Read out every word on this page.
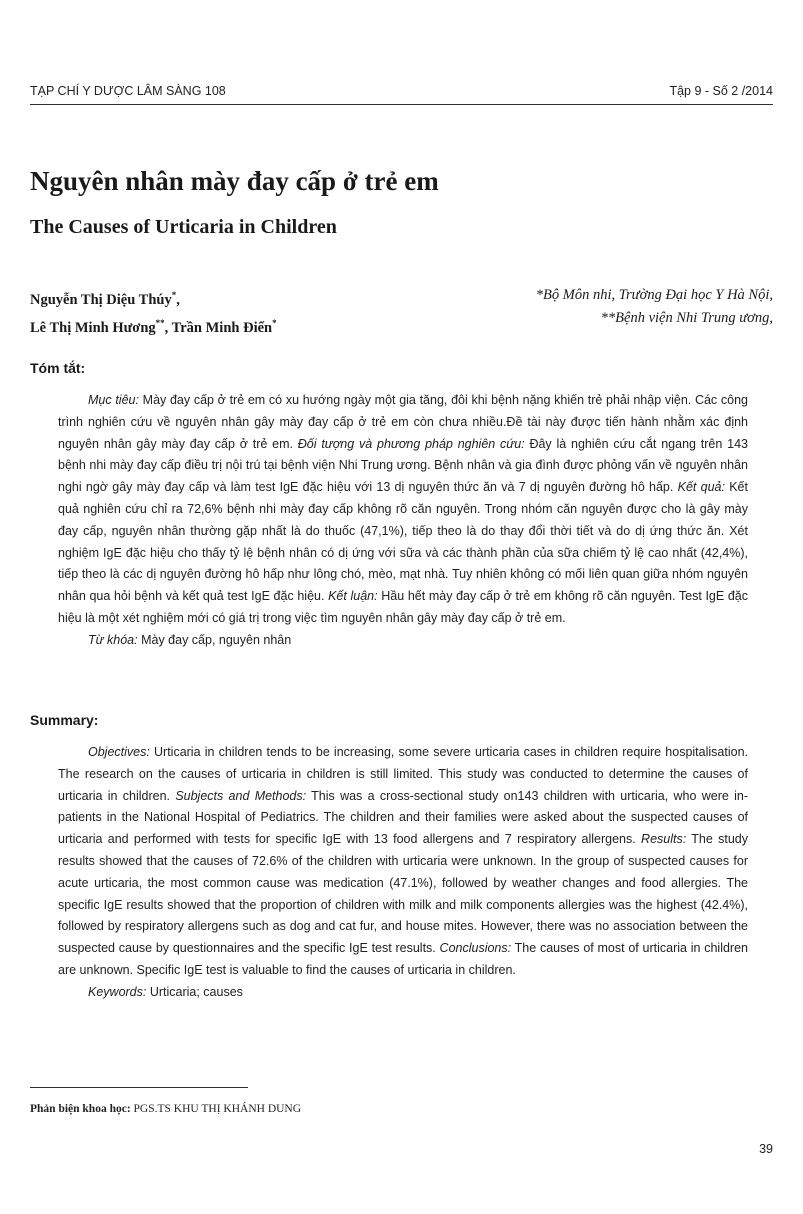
TẠP CHÍ Y DƯỢC LÂM SÀNG 108	Tập 9 - Số 2 /2014
Nguyên nhân mày đay cấp ở trẻ em
The Causes of Urticaria in Children
Nguyễn Thị Diệu Thúy*,
Lê Thị Minh Hương**, Trần Minh Điển*
*Bộ Môn nhi, Trường Đại học Y Hà Nội,
**Bệnh viện Nhi Trung ương,
Tóm tắt:

Mục tiêu: Mày đay cấp ở trẻ em có xu hướng ngày một gia tăng, đôi khi bệnh nặng khiến trẻ phải nhập viện. Các công trình nghiên cứu về nguyên nhân gây mày đay cấp ở trẻ em còn chưa nhiều.Đề tài này được tiến hành nhằm xác định nguyên nhân gây mày đay cấp ở trẻ em. Đối tượng và phương pháp nghiên cứu: Đây là nghiên cứu cắt ngang trên 143 bệnh nhi mày đay cấp điều trị nội trú tại bệnh viện Nhi Trung ương. Bệnh nhân và gia đình được phỏng vấn về nguyên nhân nghi ngờ gây mày đay cấp và làm test IgE đặc hiệu với 13 dị nguyên thức ăn và 7 dị nguyên đường hô hấp. Kết quả: Kết quả nghiên cứu chỉ ra 72,6% bệnh nhi mày đay cấp không rõ căn nguyên. Trong nhóm căn nguyên được cho là gây mày đay cấp, nguyên nhân thường gặp nhất là do thuốc (47,1%), tiếp theo là do thay đổi thời tiết và do dị ứng thức ăn. Xét nghiệm IgE đặc hiệu cho thấy tỷ lệ bệnh nhân có dị ứng với sữa và các thành phần của sữa chiếm tỷ lệ cao nhất (42,4%), tiếp theo là các dị nguyên đường hô hấp như lông chó, mèo, mạt nhà. Tuy nhiên không có mối liên quan giữa nhóm nguyên nhân qua hỏi bệnh và kết quả test IgE đặc hiệu. Kết luận: Hầu hết mày đay cấp ở trẻ em không rõ căn nguyên. Test IgE đặc hiệu là một xét nghiệm mới có giá trị trong việc tìm nguyên nhân gây mày đay cấp ở trẻ em.

Từ khóa: Mày đay cấp, nguyên nhân

Summary:

Objectives: Urticaria in children tends to be increasing, some severe urticaria cases in children require hospitalisation. The research on the causes of urticaria in children is still limited. This study was conducted to determine the causes of urticaria in children. Subjects and Methods: This was a cross-sectional study on143 children with urticaria, who were in-patients in the National Hospital of Pediatrics. The children and their families were asked about the suspected causes of urticaria and performed with tests for specific IgE with 13 food allergens and 7 respiratory allergens. Results: The study results showed that the causes of 72.6% of the children with urticaria were unknown. In the group of suspected causes for acute urticaria, the most common cause was medication (47.1%), followed by weather changes and food allergies. The specific IgE results showed that the proportion of children with milk and milk components allergies was the highest (42.4%), followed by respiratory allergens such as dog and cat fur, and house mites. However, there was no association between the suspected cause by questionnaires and the specific IgE test results. Conclusions: The causes of most of urticaria in children are unknown. Specific IgE test is valuable to find the causes of urticaria in children.

Keywords: Urticaria; causes

Phản biện khoa học: PGS.TS KHU THỊ KHÁNH DUNG
39
